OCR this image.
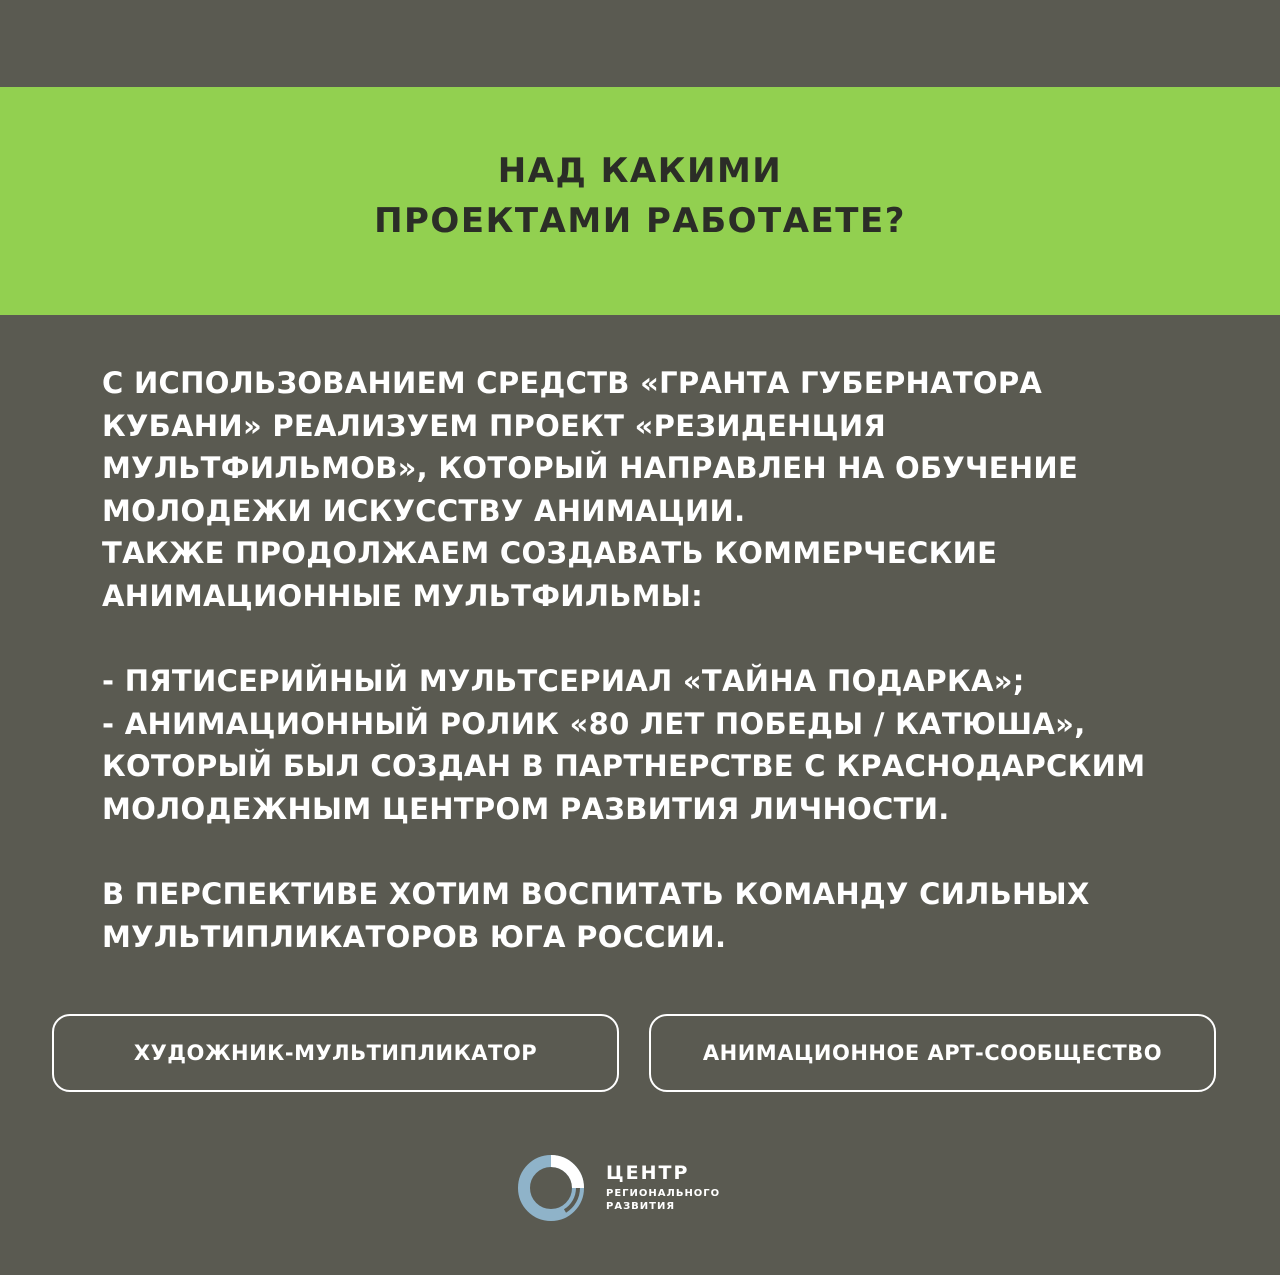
НАД КАКИМИ
ПРОЕКТАМИ РАБОТАЕТЕ?

С ИСПОЛЬЗОВАНИЕМ СРЕДСТВ «ГРАНТА ГУБЕРНАТОРА

КУБАНИ» РЕАЛИЗУЕМ ПРОЕКТ «РЕЗИДЕНЦИЯ

МУЛЬТФИЛЬМОВ», КОТОРЫЙ НАПРАВЛЕН НА ОБУЧЕНИЕ

МОЛОДЕЖИ ИСКУССТВУ АНИМАЦИИ.

ТАКЖЕ ПРОДОЛЖАЕМ СОЗДАВАТЬ КОММЕРЧЕСКИЕ

АНИМАЦИОННЫЕ МУЛЬТФИЛЬМЫ:

- ПЯТИСЕРИЙНЫЙ МУЛЬТСЕРИАЛ «ТАЙНА ПОДАРКА»;

- АНИМАЦИОННЫЙ РОЛИК «80 ЛЕТ ПОБЕДЫ / КАТЮША»,

КОТОРЫЙ БЫЛ СОЗДАН В ПАРТНЕРСТВЕ С КРАСНОДАРСКИМ

МОЛОДЕЖНЫМ ЦЕНТРОМ РАЗВИТИЯ ЛИЧНОСТИ.

В ПЕРСПЕКТИВЕ ХОТИМ ВОСПИТАТЬ КОМАНДУ СИЛЬНЫХ

МУЛЬТИПЛИКАТОРОВ ЮГА РОССИИ.

ХУДОЖНИК-МУЛЬТИПЛИКАТОР	АНИМАЦИОННОЕ АРТ-СООБЩЕСТВО
ЦЕНТР
РЕГИОНАЛЬНОГО
РАЗВИТИЯ
